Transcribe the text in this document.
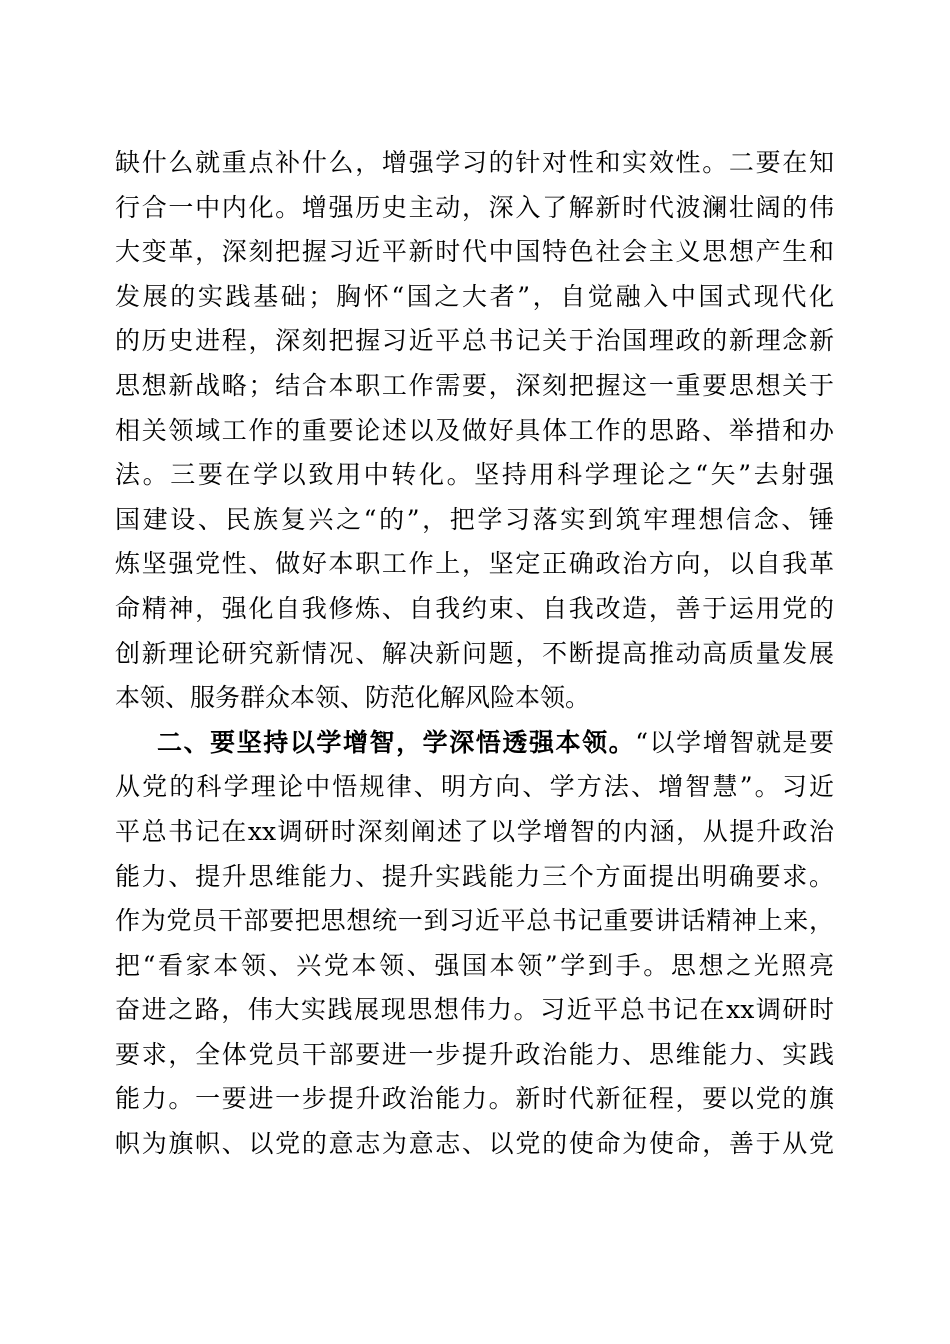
缺什么就重点补什么，增强学习的针对性和实效性。二要在知
行合一中内化。增强历史主动，深入了解新时代波澜壮阔的伟
大变革，深刻把握习近平新时代中国特色社会主义思想产生和
发展的实践基础；胸怀“国之大者”，自觉融入中国式现代化
的历史进程，深刻把握习近平总书记关于治国理政的新理念新
思想新战略；结合本职工作需要，深刻把握这一重要思想关于
相关领域工作的重要论述以及做好具体工作的思路、举措和办
法。三要在学以致用中转化。坚持用科学理论之“矢”去射强
国建设、民族复兴之“的”，把学习落实到筑牢理想信念、锤
炼坚强党性、做好本职工作上，坚定正确政治方向，以自我革
命精神，强化自我修炼、自我约束、自我改造，善于运用党的
创新理论研究新情况、解决新问题，不断提高推动高质量发展
本领、服务群众本领、防范化解风险本领。
二、要坚持以学增智，学深悟透强本领。“以学增智就是要
从党的科学理论中悟规律、明方向、学方法、增智慧”。习近
平总书记在xx调研时深刻阐述了以学增智的内涵，从提升政治
能力、提升思维能力、提升实践能力三个方面提出明确要求。
作为党员干部要把思想统一到习近平总书记重要讲话精神上来，
把“看家本领、兴党本领、强国本领”学到手。思想之光照亮
奋进之路，伟大实践展现思想伟力。习近平总书记在xx调研时
要求，全体党员干部要进一步提升政治能力、思维能力、实践
能力。一要进一步提升政治能力。新时代新征程，要以党的旗
帜为旗帜、以党的意志为意志、以党的使命为使命，善于从党
